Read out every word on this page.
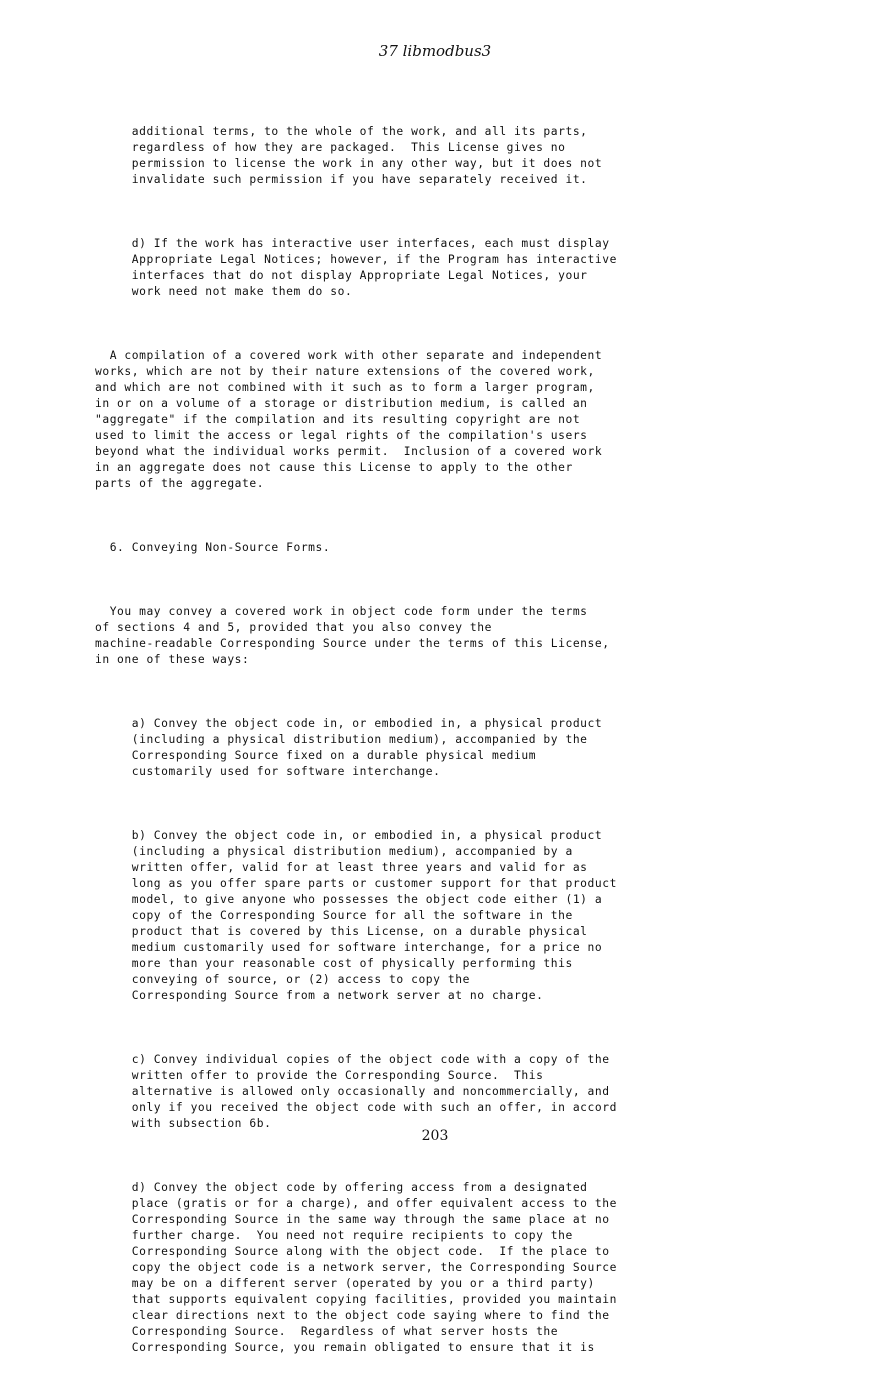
37 libmodbus3

additional terms, to the whole of the work, and all its parts,
regardless of how they are packaged.  This License gives no
permission to license the work in any other way, but it does not
invalidate such permission if you have separately received it.

d) If the work has interactive user interfaces, each must display
Appropriate Legal Notices; however, if the Program has interactive
interfaces that do not display Appropriate Legal Notices, your
work need not make them do so.

A compilation of a covered work with other separate and independent
works, which are not by their nature extensions of the covered work,
and which are not combined with it such as to form a larger program,
in or on a volume of a storage or distribution medium, is called an
"aggregate" if the compilation and its resulting copyright are not
used to limit the access or legal rights of the compilation's users
beyond what the individual works permit.  Inclusion of a covered work
in an aggregate does not cause this License to apply to the other
parts of the aggregate.

6. Conveying Non-Source Forms.

You may convey a covered work in object code form under the terms
of sections 4 and 5, provided that you also convey the
machine-readable Corresponding Source under the terms of this License,
in one of these ways:

a) Convey the object code in, or embodied in, a physical product
(including a physical distribution medium), accompanied by the
Corresponding Source fixed on a durable physical medium
customarily used for software interchange.

b) Convey the object code in, or embodied in, a physical product
(including a physical distribution medium), accompanied by a
written offer, valid for at least three years and valid for as
long as you offer spare parts or customer support for that product
model, to give anyone who possesses the object code either (1) a
copy of the Corresponding Source for all the software in the
product that is covered by this License, on a durable physical
medium customarily used for software interchange, for a price no
more than your reasonable cost of physically performing this
conveying of source, or (2) access to copy the
Corresponding Source from a network server at no charge.

c) Convey individual copies of the object code with a copy of the
written offer to provide the Corresponding Source.  This
alternative is allowed only occasionally and noncommercially, and
only if you received the object code with such an offer, in accord
with subsection 6b.

d) Convey the object code by offering access from a designated
place (gratis or for a charge), and offer equivalent access to the
Corresponding Source in the same way through the same place at no
further charge.  You need not require recipients to copy the
Corresponding Source along with the object code.  If the place to
copy the object code is a network server, the Corresponding Source
may be on a different server (operated by you or a third party)
that supports equivalent copying facilities, provided you maintain
clear directions next to the object code saying where to find the
Corresponding Source.  Regardless of what server hosts the
Corresponding Source, you remain obligated to ensure that it is

203
